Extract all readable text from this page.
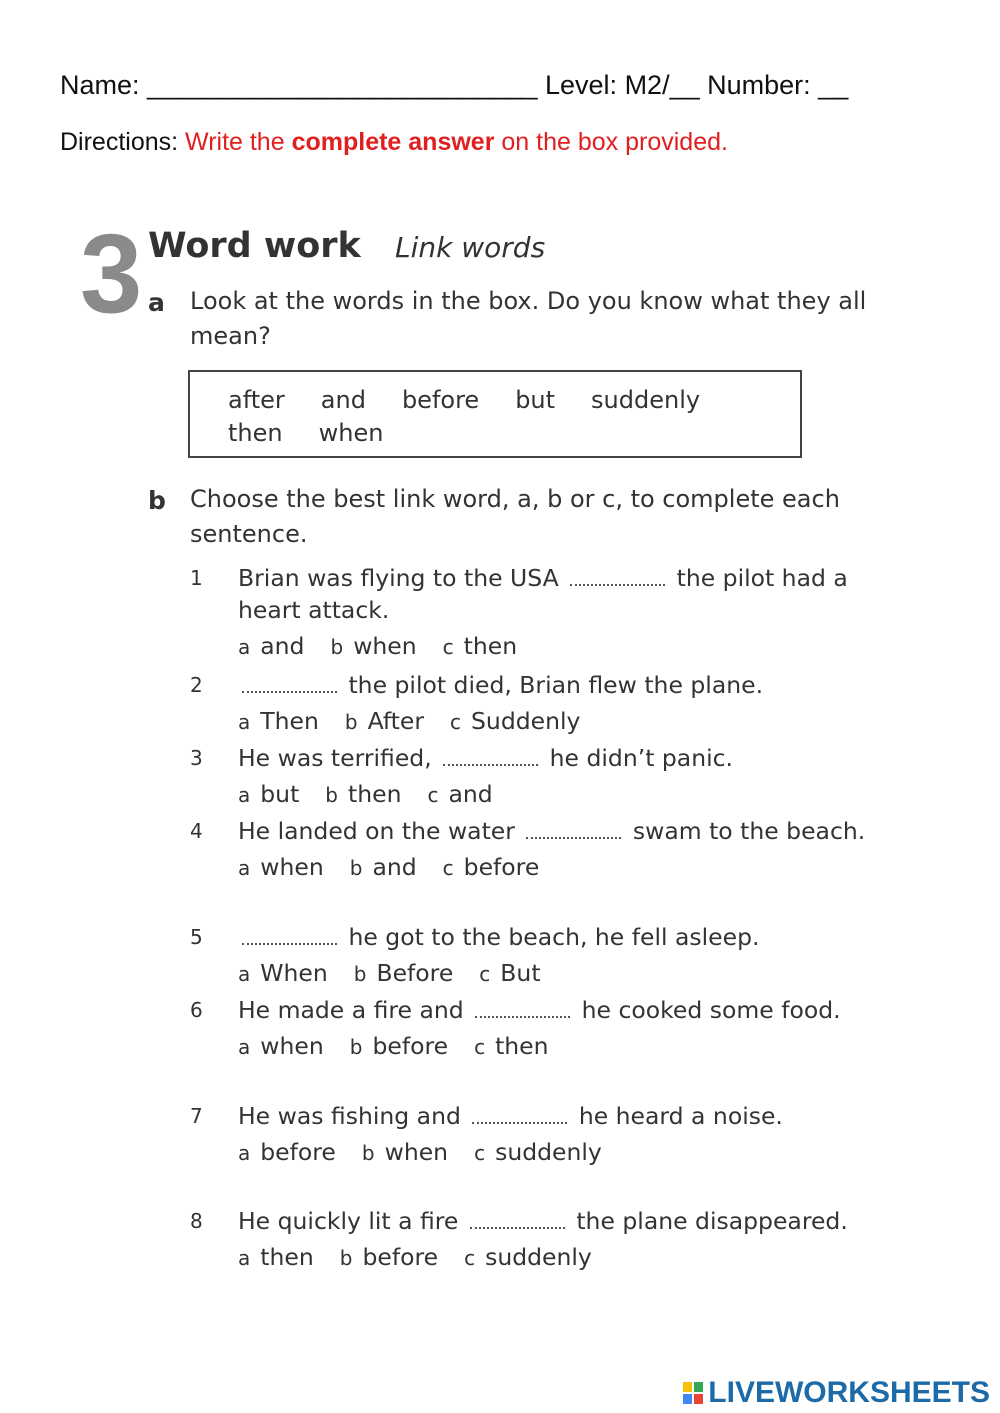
Name: __________________________ Level: M2/__ Number: __
Directions: Write the complete answer on the box provided.
3 Word work Link words
a Look at the words in the box. Do you know what they all mean?
after and before but suddenly
then when
b Choose the best link word, a, b or c, to complete each sentence.
1 Brian was flying to the USA	the pilot had a heart attack.
a and b when c then
2	the pilot died, Brian flew the plane.
a Then b After c Suddenly
3 He was terrified,	he didn’t panic.
a but b then c and
4 He landed on the water	swam to the beach.
a when b and c before
5	he got to the beach, he fell asleep.
a When b Before c But
6 He made a fire and	he cooked some food.
a when b before c then
7 He was fishing and	he heard a noise.
a before b when c suddenly
8 He quickly lit a fire	the plane disappeared.
a then b before c suddenly
LIVEWORKSHEETS
